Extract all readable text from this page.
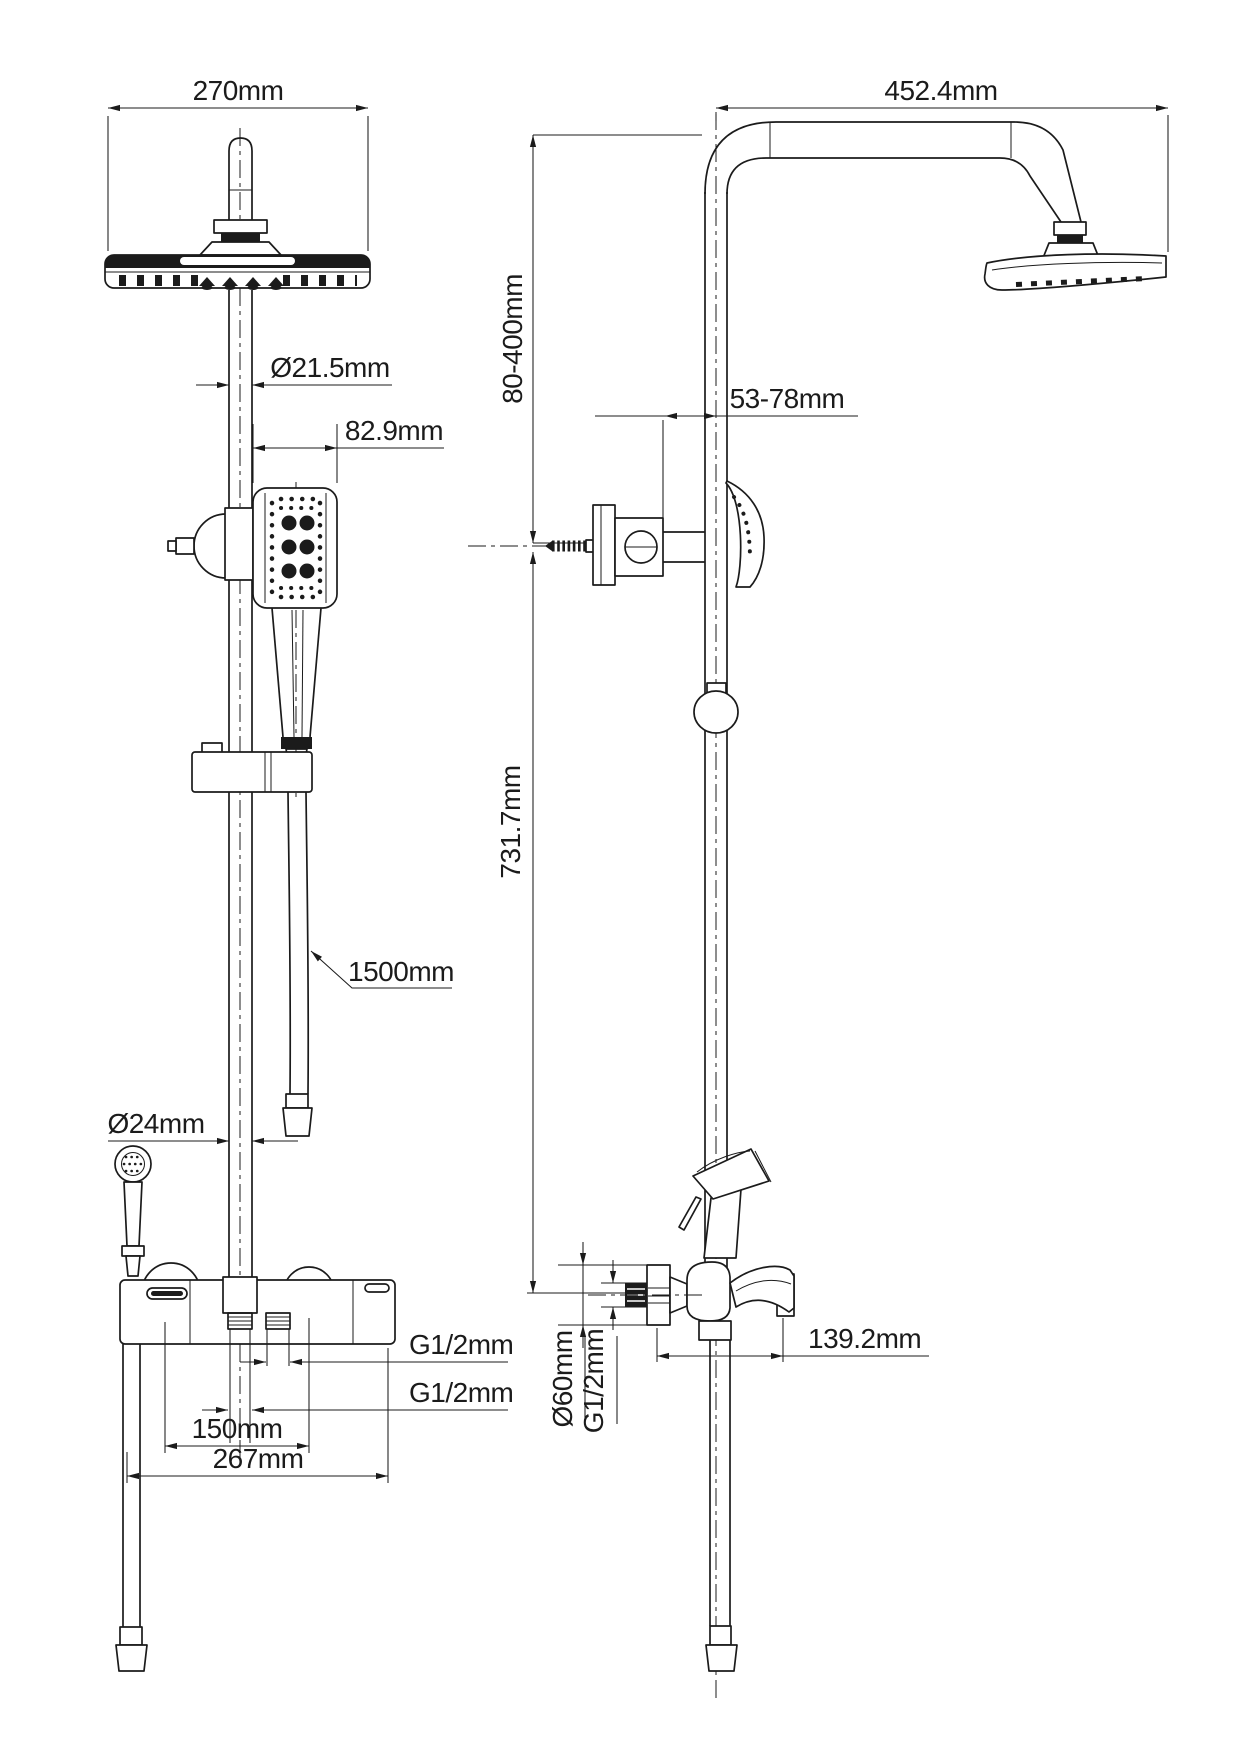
270mm
Ø21.5mm
82.9mm
1500mm
Ø24mm
G1/2mm
G1/2mm
150mm
267mm
452.4mm
80-400mm	53-78mm
731.7mm
Ø60mm G1/2mm	139.2mm
